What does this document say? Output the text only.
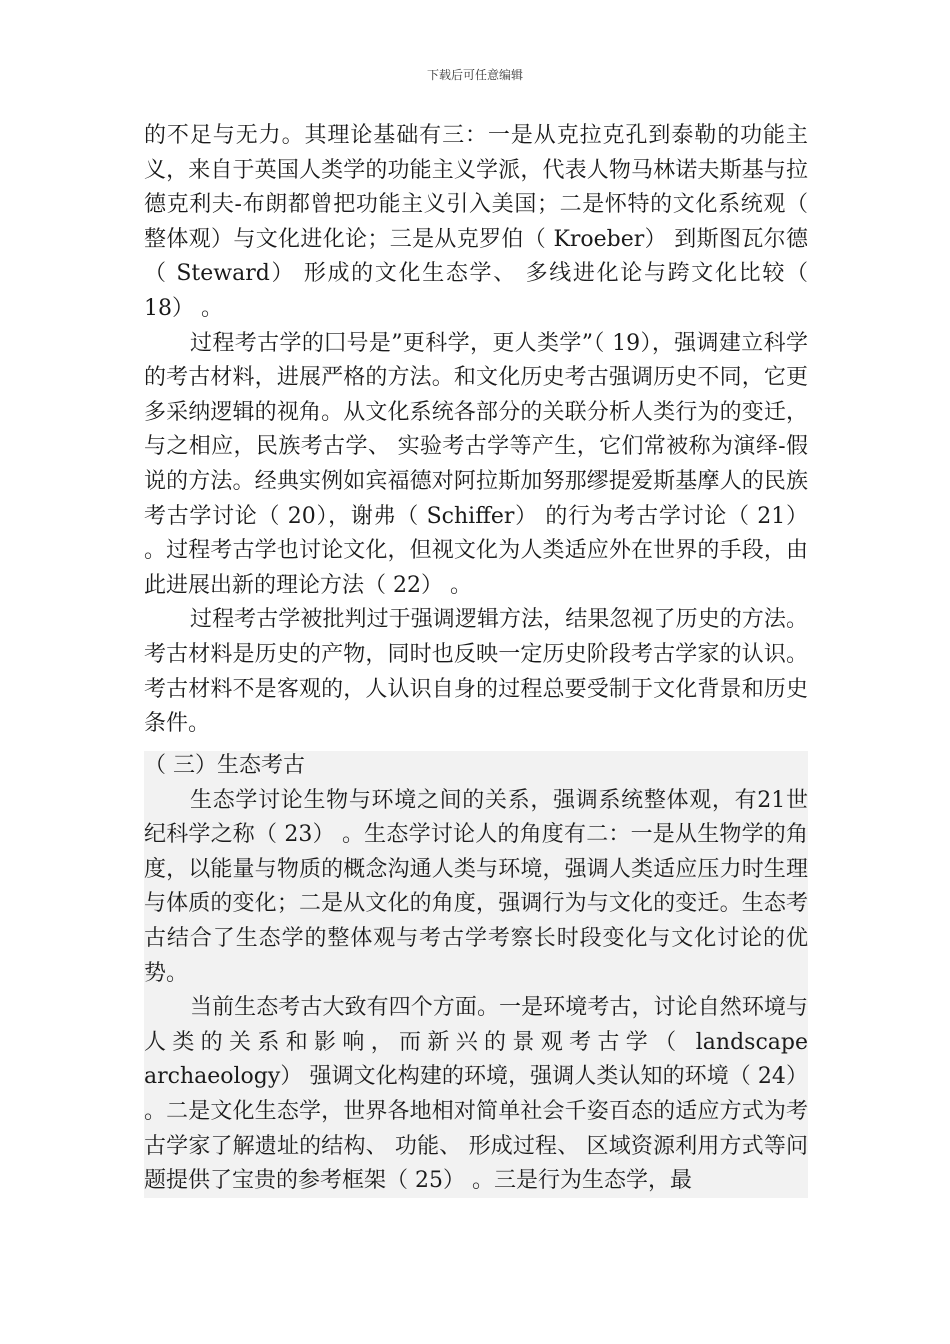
下载后可任意编辑

的不足与无力。其理论基础有三：一是从克拉克孔到泰勒的功能主义，来自于英国人类学的功能主义学派，代表人物马林诺夫斯基与拉德克利夫-布朗都曾把功能主义引入美国；二是怀特的文化系统观（ 整体观）与文化进化论；三是从克罗伯（ Kroeber） 到斯图瓦尔德（ Steward） 形成的文化生态学、 多线进化论与跨文化比较（ 18） 。

过程考古学的囗号是”更科学，更人类学”（ 19），强调建立科学的考古材料，进展严格的方法。和文化历史考古强调历史不同，它更多采纳逻辑的视角。从文化系统各部分的关联分析人类行为的变迁，与之相应，民族考古学、 实验考古学等产生，它们常被称为演绎-假说的方法。经典实例如宾福德对阿拉斯加努那缪提爱斯基摩人的民族考古学讨论（ 20），谢弗（ Schiffer） 的行为考古学讨论（ 21） 。过程考古学也讨论文化，但视文化为人类适应外在世界的手段，由此进展出新的理论方法（ 22） 。

过程考古学被批判过于强调逻辑方法，结果忽视了历史的方法。考古材料是历史的产物，同时也反映一定历史阶段考古学家的认识。考古材料不是客观的，人认识自身的过程总要受制于文化背景和历史条件。

（ 三）生态考古

生态学讨论生物与环境之间的关系，强调系统整体观，有21世纪科学之称（ 23） 。生态学讨论人的角度有二：一是从生物学的角度，以能量与物质的概念沟通人类与环境，强调人类适应压力时生理与体质的变化；二是从文化的角度，强调行为与文化的变迁。生态考古结合了生态学的整体观与考古学考察长时段变化与文化讨论的优势。

当前生态考古大致有四个方面。一是环境考古，讨论自然环境与人类的关系和影响，而新兴的景观考古学（ landscape archaeology） 强调文化构建的环境，强调人类认知的环境（ 24） 。二是文化生态学，世界各地相对简单社会千姿百态的适应方式为考古学家了解遗址的结构、 功能、 形成过程、 区域资源利用方式等问题提供了宝贵的参考框架（ 25） 。三是行为生态学，最
